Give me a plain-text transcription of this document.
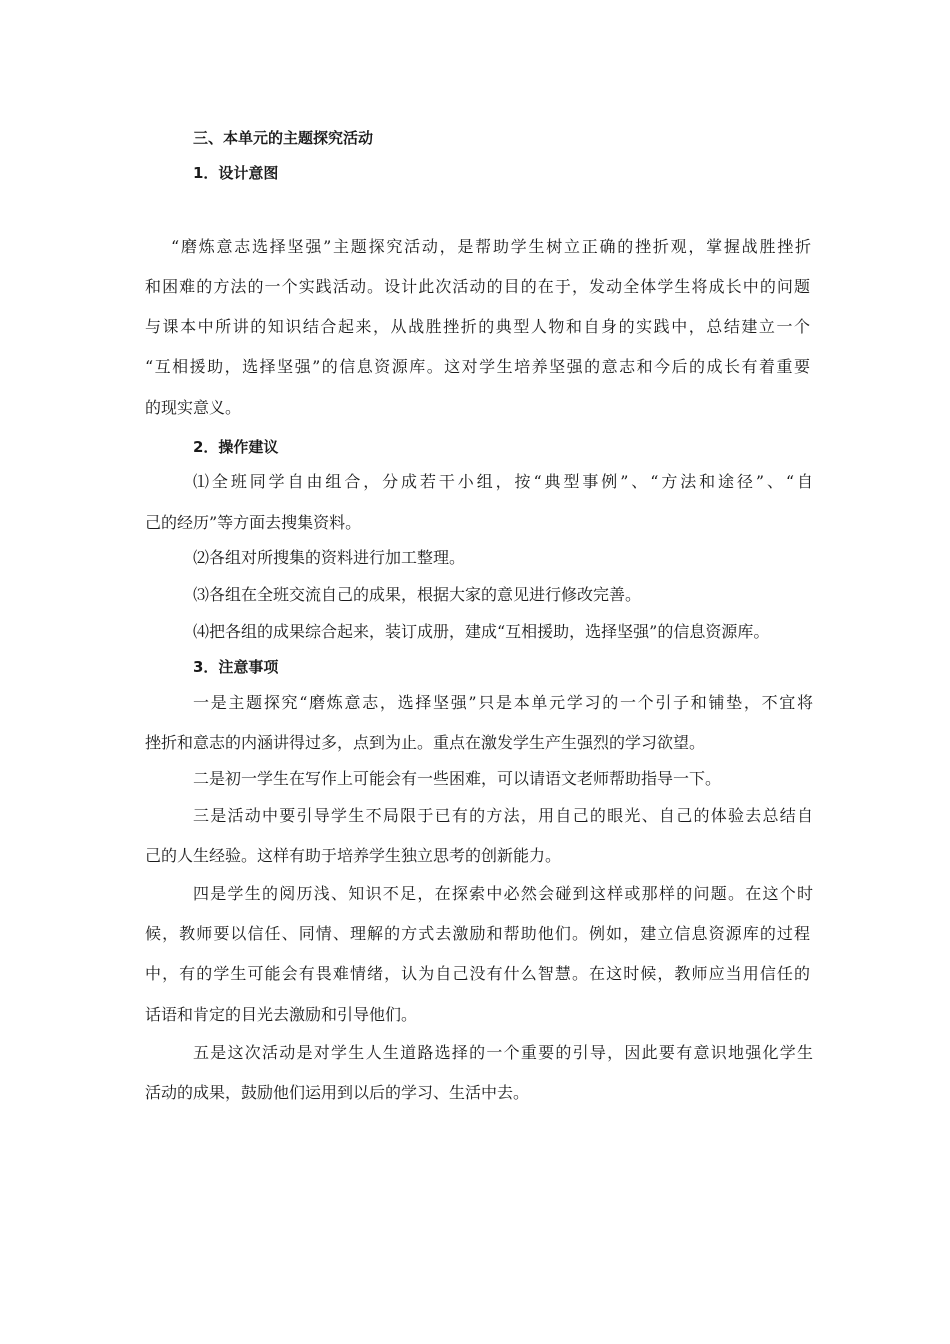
三、本单元的主题探究活动
1．设计意图
“磨炼意志选择坚强”主题探究活动，是帮助学生树立正确的挫折观，掌握战胜挫折
和困难的方法的一个实践活动。设计此次活动的目的在于，发动全体学生将成长中的问题
与课本中所讲的知识结合起来，从战胜挫折的典型人物和自身的实践中，总结建立一个
“互相援助，选择坚强”的信息资源库。这对学生培养坚强的意志和今后的成长有着重要
的现实意义。
2．操作建议
⑴全班同学自由组合，分成若干小组，按“典型事例”、“方法和途径”、“自
己的经历”等方面去搜集资料。
⑵各组对所搜集的资料进行加工整理。
⑶各组在全班交流自己的成果，根据大家的意见进行修改完善。
⑷把各组的成果综合起来，装订成册，建成“互相援助，选择坚强”的信息资源库。
3．注意事项
一是主题探究“磨炼意志，选择坚强”只是本单元学习的一个引子和铺垫，不宜将
挫折和意志的内涵讲得过多，点到为止。重点在激发学生产生强烈的学习欲望。
二是初一学生在写作上可能会有一些困难，可以请语文老师帮助指导一下。
三是活动中要引导学生不局限于已有的方法，用自己的眼光、自己的体验去总结自
己的人生经验。这样有助于培养学生独立思考的创新能力。
四是学生的阅历浅、知识不足，在探索中必然会碰到这样或那样的问题。在这个时
候，教师要以信任、同情、理解的方式去激励和帮助他们。例如，建立信息资源库的过程
中，有的学生可能会有畏难情绪，认为自己没有什么智慧。在这时候，教师应当用信任的
话语和肯定的目光去激励和引导他们。
五是这次活动是对学生人生道路选择的一个重要的引导，因此要有意识地强化学生
活动的成果，鼓励他们运用到以后的学习、生活中去。
